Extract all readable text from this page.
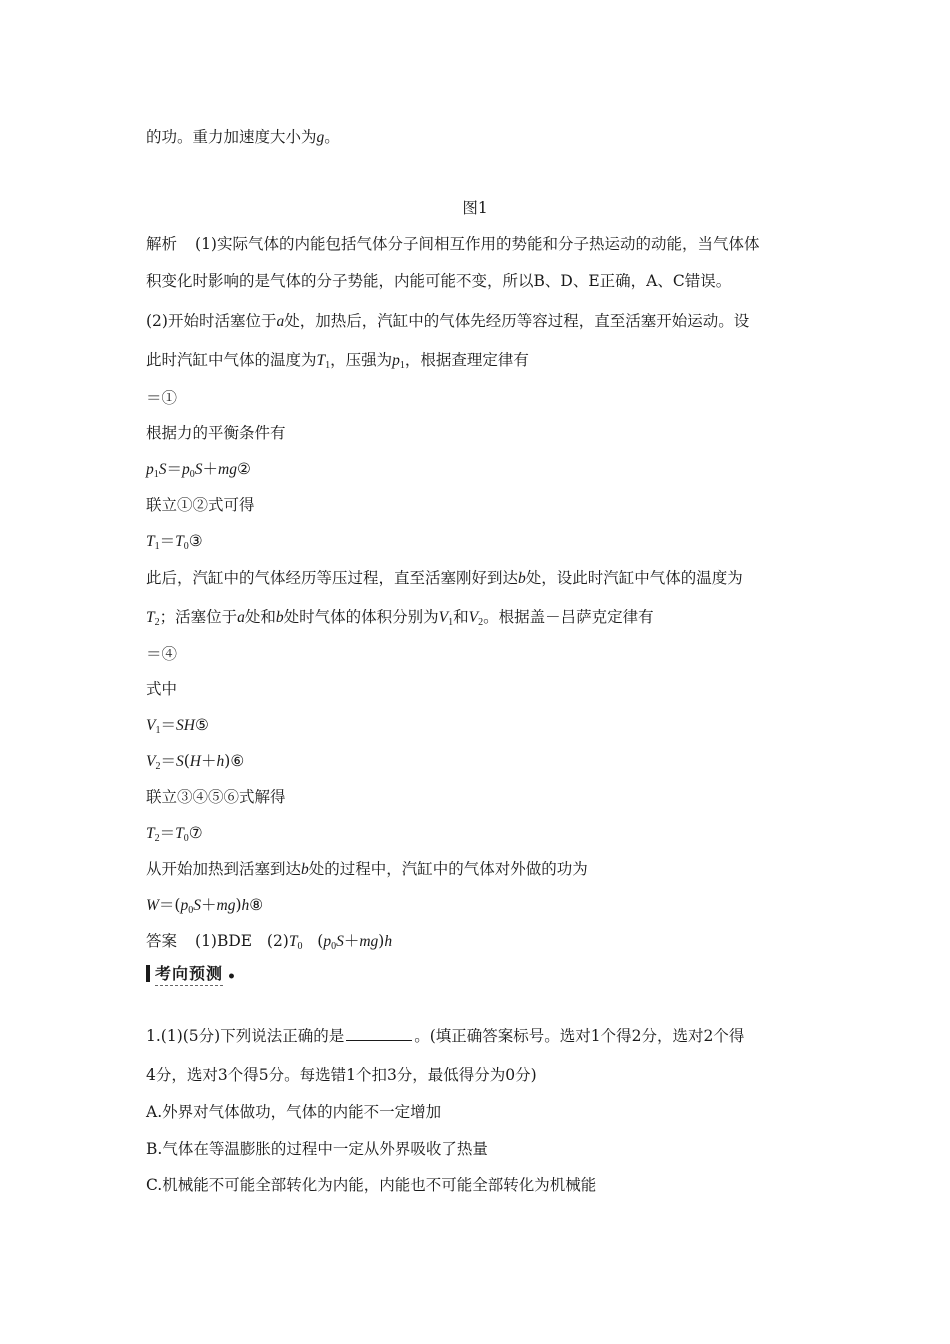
的功。重力加速度大小为g。
图1
解析 (1)实际气体的内能包括气体分子间相互作用的势能和分子热运动的动能，当气体体
积变化时影响的是气体的分子势能，内能可能不变，所以B、D、E正确，A、C错误。
(2)开始时活塞位于a处，加热后，汽缸中的气体先经历等容过程，直至活塞开始运动。设
此时汽缸中气体的温度为$T_1$，压强为$p_1$，根据查理定律有
＝①
根据力的平衡条件有
$p_1S=p_0S+mg②$
联立①②式可得
$T_1=T_0③$
此后，汽缸中的气体经历等压过程，直至活塞刚好到达b处，设此时汽缸中气体的温度为
$T_2$；活塞位于a处和b处时气体的体积分别为$V_1$和$V_2$。根据盖－吕萨克定律有
＝④
式中
$V_1=SH⑤$
$V_2=S(H+h)⑥$
联立③④⑤⑥式解得
$T_2=T_0⑦$
从开始加热到活塞到达b处的过程中，汽缸中的气体对外做的功为
$W=(p_0S+mg)h⑧$
答案 (1)BDE $(2)T_0$ $(p_0S+mg)h$
考向预测 •
1.(1)(5分)下列说法正确的是	。(填正确答案标号。选对1个得2分，选对2个得
4分，选对3个得5分。每选错1个扣3分，最低得分为0分)
A.外界对气体做功，气体的内能不一定增加
B.气体在等温膨胀的过程中一定从外界吸收了热量
C.机械能不可能全部转化为内能，内能也不可能全部转化为机械能
